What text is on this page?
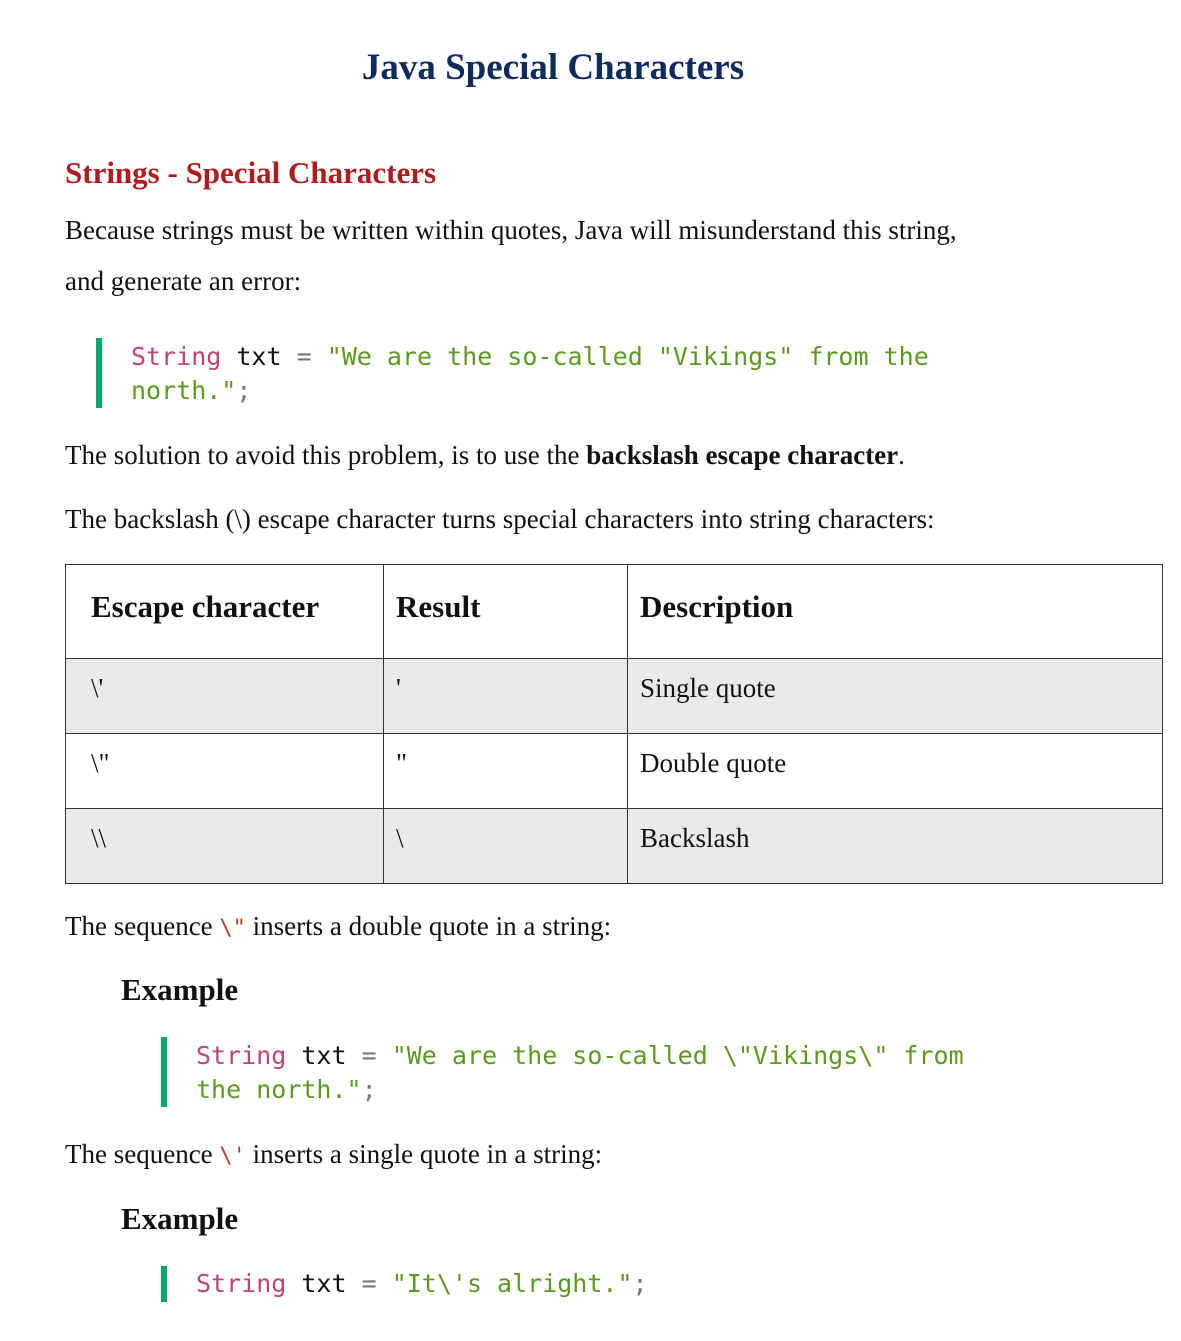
Java Special Characters
Strings - Special Characters
Because strings must be written within quotes, Java will misunderstand this string,
and generate an error:
String txt = "We are the so-called "Vikings" from the
north.";
The solution to avoid this problem, is to use the backslash escape character.
The backslash (\) escape character turns special characters into string characters:
Escape character	Result	Description
\'	'	Single quote
\"	"	Double quote
\\	\	Backslash
The sequence \" inserts a double quote in a string:
Example
String txt = "We are the so-called \"Vikings\" from
the north.";
The sequence \' inserts a single quote in a string:
Example
String txt = "It\'s alright.";
